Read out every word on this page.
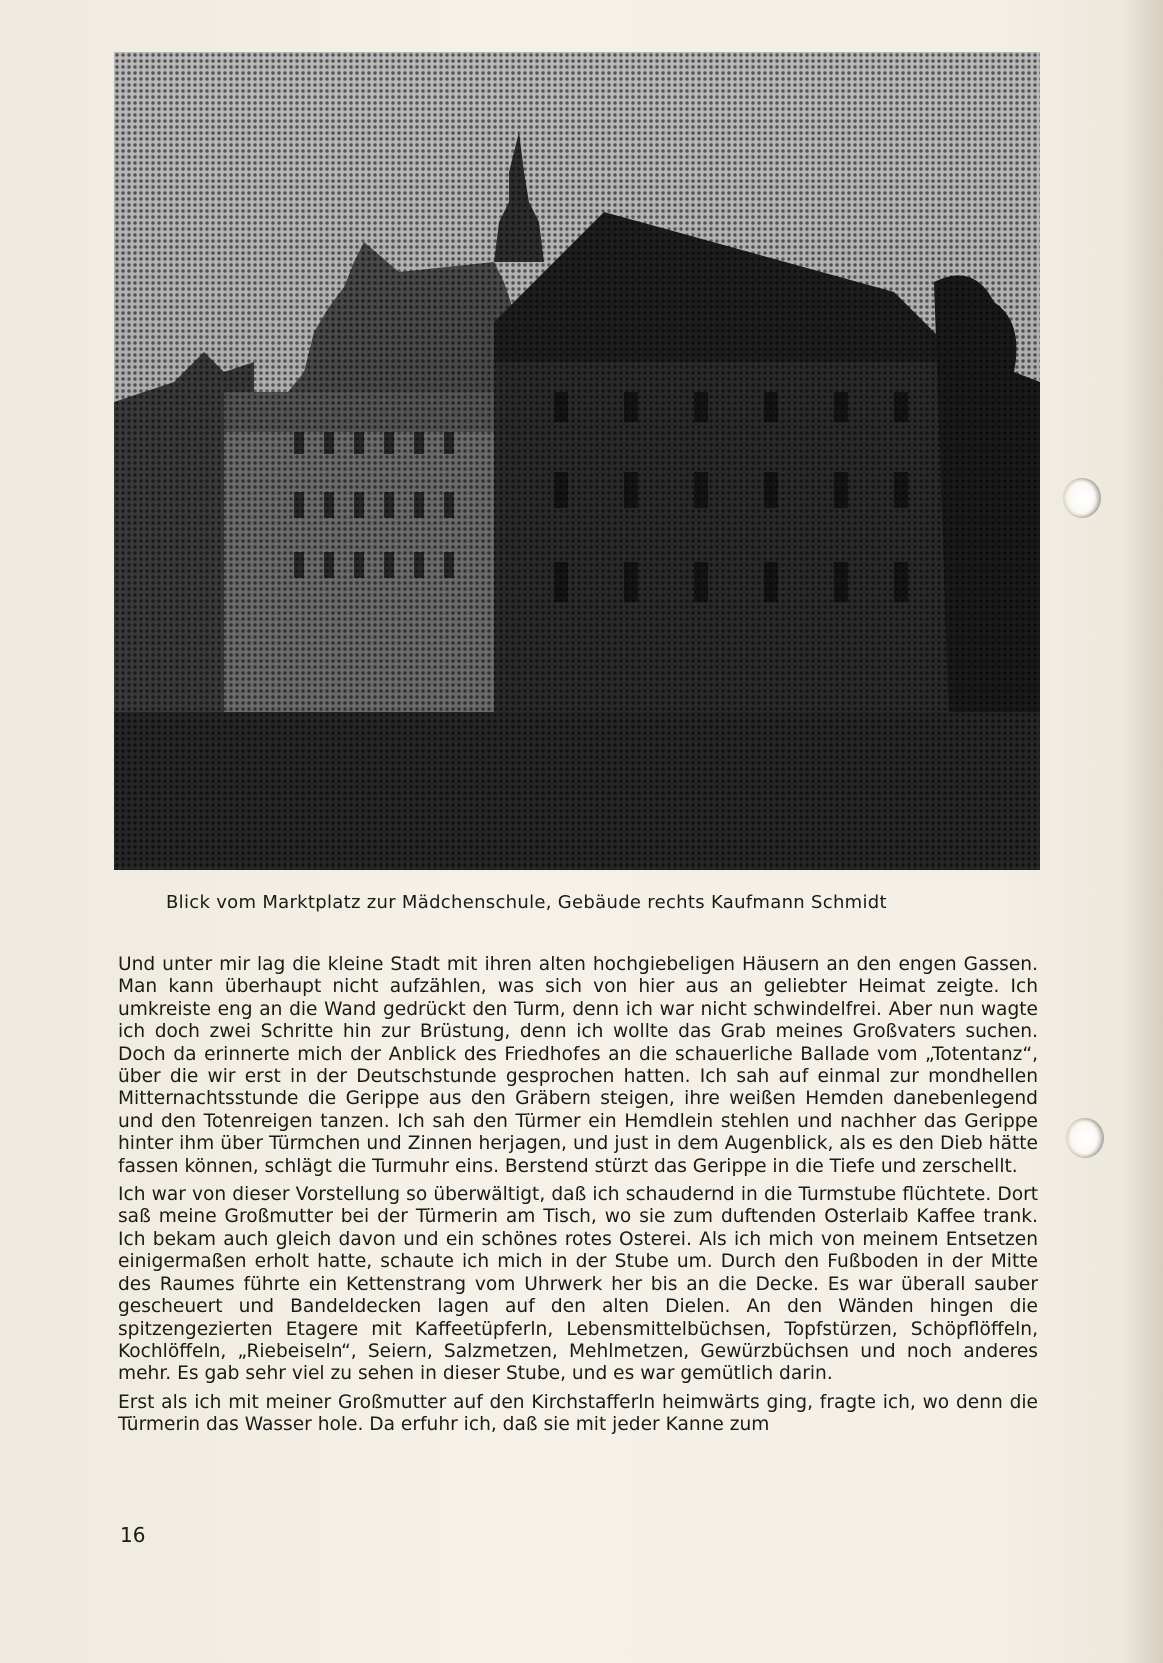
Blick vom Marktplatz zur Mädchenschule, Gebäude rechts Kaufmann Schmidt

Und unter mir lag die kleine Stadt mit ihren alten hochgiebeligen Häusern an den engen Gassen. Man kann überhaupt nicht aufzählen, was sich von hier aus an geliebter Heimat zeigte. Ich umkreiste eng an die Wand gedrückt den Turm, denn ich war nicht schwindelfrei. Aber nun wagte ich doch zwei Schritte hin zur Brüstung, denn ich wollte das Grab meines Großvaters suchen. Doch da erinnerte mich der Anblick des Friedhofes an die schauerliche Ballade vom „Totentanz“, über die wir erst in der Deutschstunde gesprochen hatten. Ich sah auf einmal zur mondhellen Mitternachtsstunde die Gerippe aus den Gräbern steigen, ihre weißen Hemden danebenlegend und den Totenreigen tanzen. Ich sah den Türmer ein Hemdlein stehlen und nachher das Gerippe hinter ihm über Türmchen und Zinnen herjagen, und just in dem Augenblick, als es den Dieb hätte fassen können, schlägt die Turmuhr eins. Berstend stürzt das Gerippe in die Tiefe und zerschellt.

Ich war von dieser Vorstellung so überwältigt, daß ich schaudernd in die Turmstube flüchtete. Dort saß meine Großmutter bei der Türmerin am Tisch, wo sie zum duftenden Osterlaib Kaffee trank. Ich bekam auch gleich davon und ein schönes rotes Osterei. Als ich mich von meinem Entsetzen einigermaßen erholt hatte, schaute ich mich in der Stube um. Durch den Fußboden in der Mitte des Raumes führte ein Kettenstrang vom Uhrwerk her bis an die Decke. Es war überall sauber gescheuert und Bandeldecken lagen auf den alten Dielen. An den Wänden hingen die spitzengezierten Etagere mit Kaffeetüpferln, Lebensmittelbüchsen, Topfstürzen, Schöpflöffeln, Kochlöffeln, „Riebeiseln“, Seiern, Salzmetzen, Mehlmetzen, Gewürzbüchsen und noch anderes mehr. Es gab sehr viel zu sehen in dieser Stube, und es war gemütlich darin.

Erst als ich mit meiner Großmutter auf den Kirchstafferln heimwärts ging, fragte ich, wo denn die Türmerin das Wasser hole. Da erfuhr ich, daß sie mit jeder Kanne zum

16
